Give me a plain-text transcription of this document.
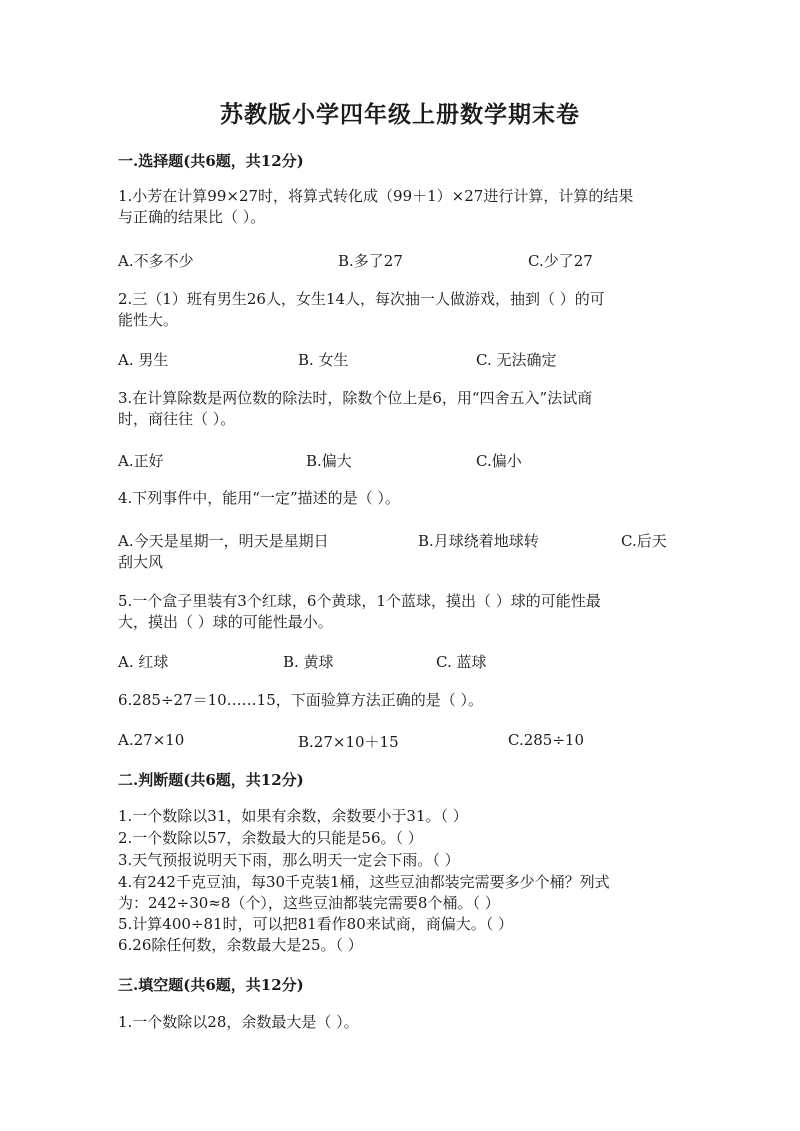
苏教版小学四年级上册数学期末卷
一.选择题(共6题，共12分)
1.小芳在计算99×27时，将算式转化成（99＋1）×27进行计算，计算的结果
与正确的结果比（ ）。
A.不多不少	B.多了27	C.少了27
2.三（1）班有男生26人，女生14人，每次抽一人做游戏，抽到（ ）的可
能性大。
A. 男生	B. 女生	C. 无法确定
3.在计算除数是两位数的除法时，除数个位上是6，用“四舍五入”法试商
时，商往往（ ）。
A.正好	B.偏大	C.偏小
4.下列事件中，能用“一定”描述的是（ ）。
A.今天是星期一，明天是星期日	B.月球绕着地球转	C.后天
刮大风
5.一个盒子里装有3个红球，6个黄球，1个蓝球，摸出（ ）球的可能性最
大，摸出（ ）球的可能性最小。
A. 红球	B. 黄球	C. 蓝球
6.285÷27＝10……15，下面验算方法正确的是（ ）。
A.27×10	B.27×10＋15	C.285÷10
二.判断题(共6题，共12分)
1.一个数除以31，如果有余数，余数要小于31。（ ）
2.一个数除以57，余数最大的只能是56。（ ）
3.天气预报说明天下雨，那么明天一定会下雨。（ ）
4.有242千克豆油，每30千克装1桶，这些豆油都装完需要多少个桶？列式
为：242÷30≈8（个），这些豆油都装完需要8个桶。（ ）
5.计算400÷81时，可以把81看作80来试商，商偏大。（ ）
6.26除任何数，余数最大是25。（ ）
三.填空题(共6题，共12分)
1.一个数除以28，余数最大是（ ）。
